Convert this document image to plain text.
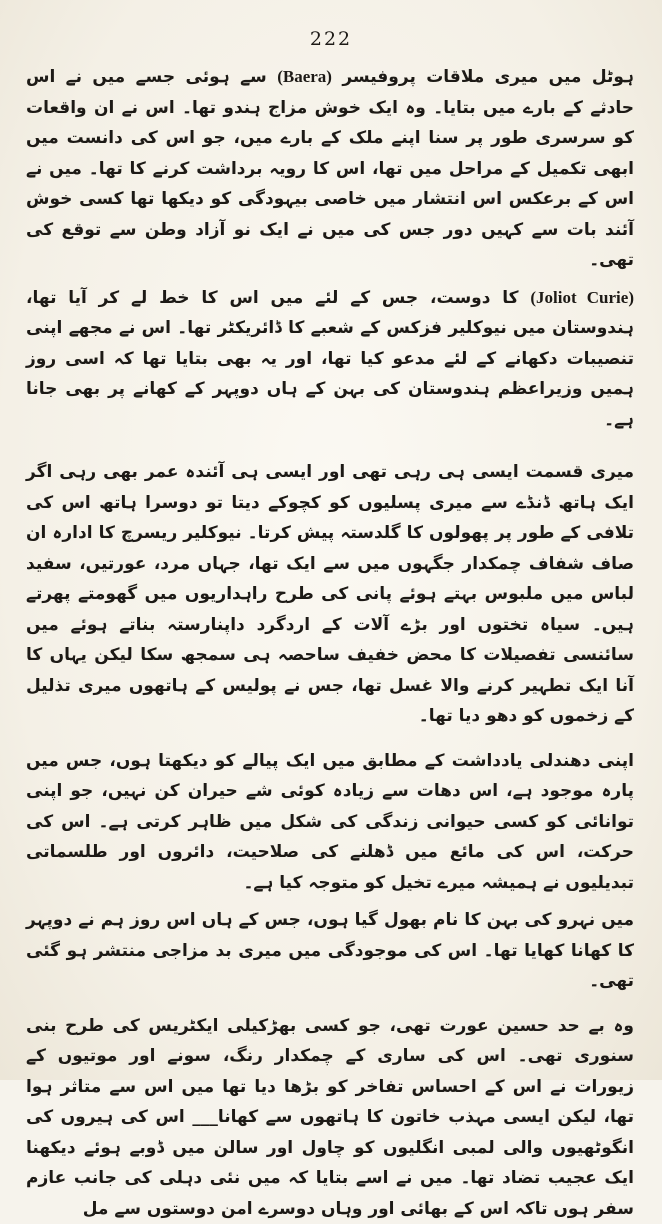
222

ہوٹل میں میری ملاقات پروفیسر (Baera) سے ہوئی جسے میں نے اس حادثے کے بارے میں بتایا۔ وہ ایک خوش مزاج ہندو تھا۔ اس نے ان واقعات کو سرسری طور پر سنا اپنے ملک کے بارے میں، جو اس کی دانست میں ابھی تکمیل کے مراحل میں تھا، اس کا رویہ برداشت کرنے کا تھا۔ میں نے اس کے برعکس اس انتشار میں خاصی بیہودگی کو دیکھا تھا کسی خوش آئند بات سے کہیں دور جس کی میں نے ایک نو آزاد وطن سے توقع کی تھی۔

(Joliot Curie) کا دوست، جس کے لئے میں اس کا خط لے کر آیا تھا، ہندوستان میں نیوکلیر فزکس کے شعبے کا ڈائریکٹر تھا۔ اس نے مجھے اپنی تنصیبات دکھانے کے لئے مدعو کیا تھا، اور یہ بھی بتایا تھا کہ اسی روز ہمیں وزیراعظم ہندوستان کی بہن کے ہاں دوپہر کے کھانے پر بھی جانا ہے۔

میری قسمت ایسی ہی رہی تھی اور ایسی ہی آئندہ عمر بھی رہی اگر ایک ہاتھ ڈنڈے سے میری پسلیوں کو کچوکے دیتا تو دوسرا ہاتھ اس کی تلافی کے طور پر پھولوں کا گلدستہ پیش کرتا۔ نیوکلیر ریسرچ کا ادارہ ان صاف شفاف چمکدار جگہوں میں سے ایک تھا، جہاں مرد، عورتیں، سفید لباس میں ملبوس بہتے ہوئے پانی کی طرح راہداریوں میں گھومتے پھرتے ہیں۔ سیاہ تختوں اور بڑے آلات کے اردگرد داپنارستہ بناتے ہوئے میں سائنسی تفصیلات کا محض خفیف ساحصہ ہی سمجھ سکا لیکن یہاں کا آنا ایک تطہیر کرنے والا غسل تھا، جس نے پولیس کے ہاتھوں میری تذلیل کے زخموں کو دھو دیا تھا۔

اپنی دھندلی یادداشت کے مطابق میں ایک پیالے کو دیکھتا ہوں، جس میں پارہ موجود ہے، اس دھات سے زیادہ کوئی شے حیران کن نہیں، جو اپنی توانائی کو کسی حیوانی زندگی کی شکل میں ظاہر کرتی ہے۔ اس کی حرکت، اس کی مائع میں ڈھلنے کی صلاحیت، دائروں اور طلسماتی تبدیلیوں نے ہمیشہ میرے تخیل کو متوجہ کیا ہے۔

میں نہرو کی بہن کا نام بھول گیا ہوں، جس کے ہاں اس روز ہم نے دوپہر کا کھانا کھایا تھا۔ اس کی موجودگی میں میری بد مزاجی منتشر ہو گئی تھی۔

وہ بے حد حسین عورت تھی، جو کسی بھڑکیلی ایکٹریس کی طرح بنی سنوری تھی۔ اس کی ساری کے چمکدار رنگ، سونے اور موتیوں کے زیورات نے اس کے احساس تفاخر کو بڑھا دیا تھا میں اس سے متاثر ہوا تھا، لیکن ایسی مہذب خاتون کا ہاتھوں سے کھانا___ اس کی ہیروں کی انگوٹھیوں والی لمبی انگلیوں کو چاول اور سالن میں ڈوبے ہوئے دیکھنا ایک عجیب تضاد تھا۔ میں نے اسے بتایا کہ میں نئی دہلی کی جانب عازم سفر ہوں تاکہ اس کے بھائی اور وہاں دوسرے امن دوستوں سے مل
